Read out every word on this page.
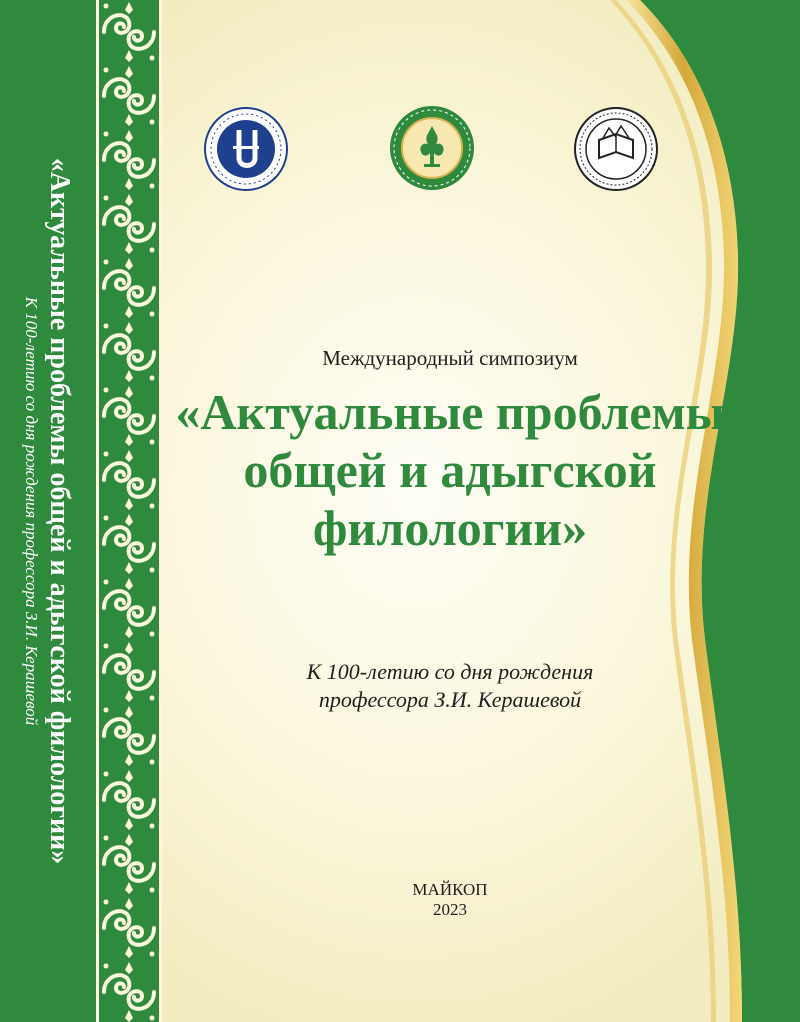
«Актуальные проблемы общей и адыгской филологии»
К 100-летию со дня рождения профессора З.И. Керашевой	Международный симпозиум
«Актуальные проблемы
общей и адыгской
филологии»
К 100-летию со дня рождения
профессора З.И. Керашевой
МАЙКОП
2023
